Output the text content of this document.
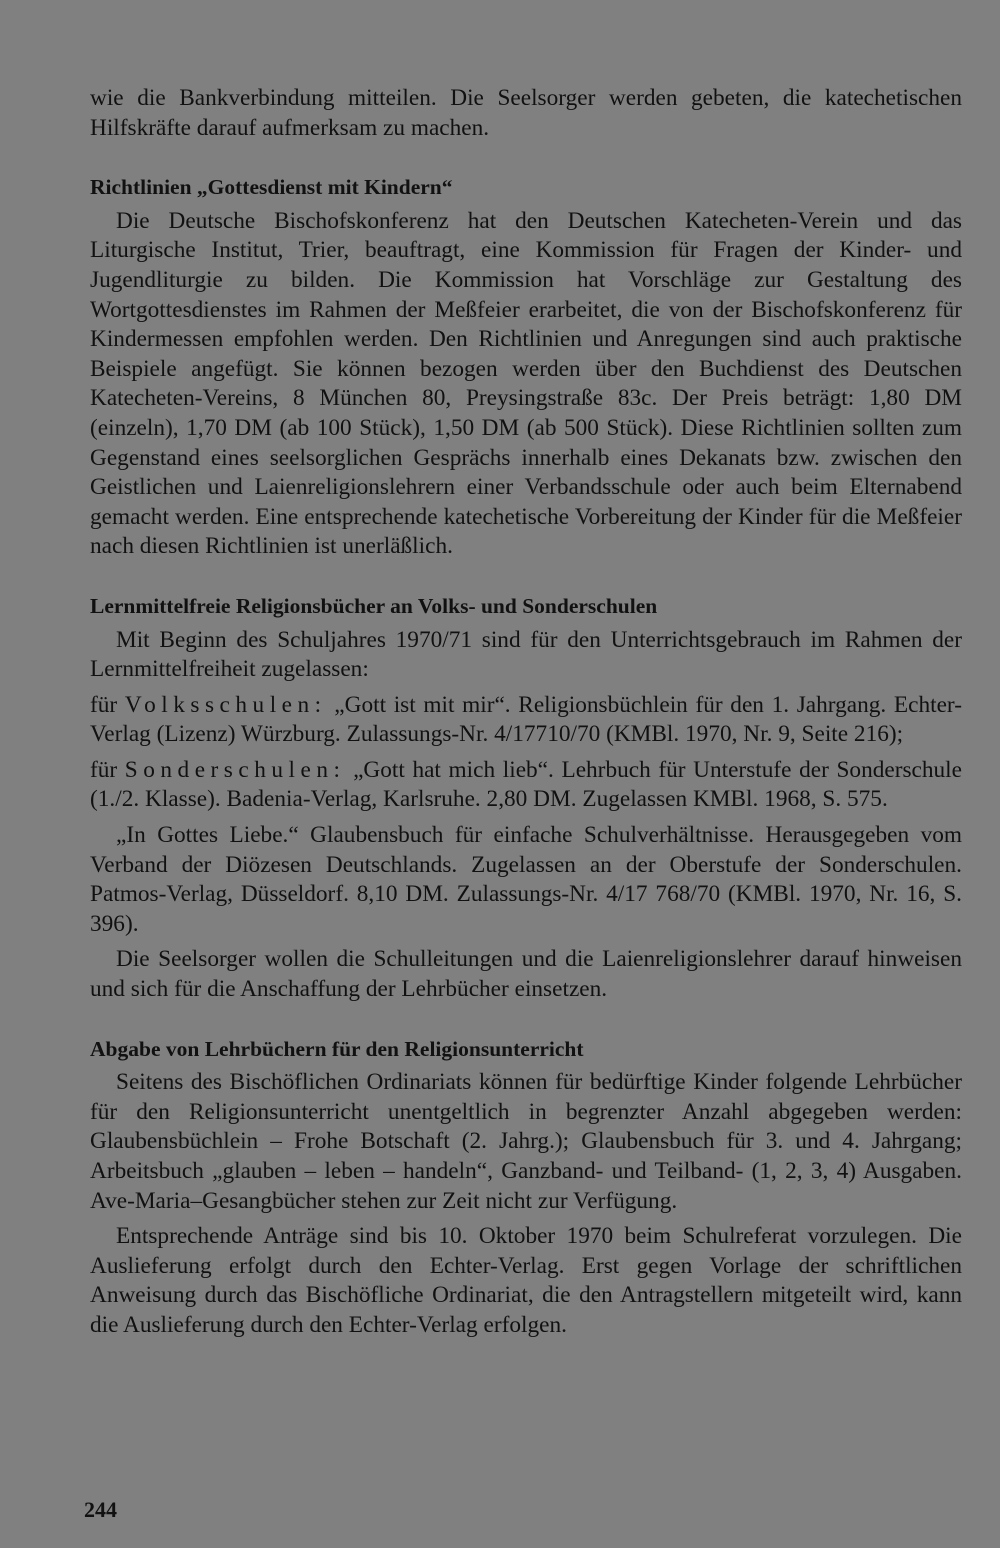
wie die Bankverbindung mitteilen. Die Seelsorger werden gebeten, die katechetischen Hilfskräfte darauf aufmerksam zu machen.

Richtlinien „Gottesdienst mit Kindern“

Die Deutsche Bischofskonferenz hat den Deutschen Katecheten-Verein und das Liturgische Institut, Trier, beauftragt, eine Kommission für Fragen der Kinder- und Jugendliturgie zu bilden. Die Kommission hat Vorschläge zur Gestaltung des Wortgottesdienstes im Rahmen der Meßfeier erarbeitet, die von der Bischofskonferenz für Kindermessen empfohlen werden. Den Richtlinien und Anregungen sind auch praktische Beispiele angefügt. Sie können bezogen werden über den Buchdienst des Deutschen Katecheten-Vereins, 8 München 80, Preysingstraße 83c. Der Preis beträgt: 1,80 DM (einzeln), 1,70 DM (ab 100 Stück), 1,50 DM (ab 500 Stück). Diese Richtlinien sollten zum Gegenstand eines seelsorglichen Gesprächs innerhalb eines Dekanats bzw. zwischen den Geistlichen und Laienreligionslehrern einer Verbandsschule oder auch beim Elternabend gemacht werden. Eine entsprechende katechetische Vorbereitung der Kinder für die Meßfeier nach diesen Richtlinien ist unerläßlich.

Lernmittelfreie Religionsbücher an Volks- und Sonderschulen

Mit Beginn des Schuljahres 1970/71 sind für den Unterrichtsgebrauch im Rahmen der Lernmittelfreiheit zugelassen:

für Volksschulen: „Gott ist mit mir“. Religionsbüchlein für den 1. Jahrgang. Echter-Verlag (Lizenz) Würzburg. Zulassungs-Nr. 4/17710/70 (KMBl. 1970, Nr. 9, Seite 216);

für Sonderschulen: „Gott hat mich lieb“. Lehrbuch für Unterstufe der Sonderschule (1./2. Klasse). Badenia-Verlag, Karlsruhe. 2,80 DM. Zugelassen KMBl. 1968, S. 575.

„In Gottes Liebe.“ Glaubensbuch für einfache Schulverhältnisse. Herausgegeben vom Verband der Diözesen Deutschlands. Zugelassen an der Oberstufe der Sonderschulen. Patmos-Verlag, Düsseldorf. 8,10 DM. Zulassungs-Nr. 4/17 768/70 (KMBl. 1970, Nr. 16, S. 396).

Die Seelsorger wollen die Schulleitungen und die Laienreligionslehrer darauf hinweisen und sich für die Anschaffung der Lehrbücher einsetzen.

Abgabe von Lehrbüchern für den Religionsunterricht

Seitens des Bischöflichen Ordinariats können für bedürftige Kinder folgende Lehrbücher für den Religionsunterricht unentgeltlich in begrenzter Anzahl abgegeben werden: Glaubensbüchlein – Frohe Botschaft (2. Jahrg.); Glaubensbuch für 3. und 4. Jahrgang; Arbeitsbuch „glauben – leben – handeln“, Ganzband- und Teilband- (1, 2, 3, 4) Ausgaben. Ave-Maria–Gesangbücher stehen zur Zeit nicht zur Verfügung.

Entsprechende Anträge sind bis 10. Oktober 1970 beim Schulreferat vorzulegen. Die Auslieferung erfolgt durch den Echter-Verlag. Erst gegen Vorlage der schriftlichen Anweisung durch das Bischöfliche Ordinariat, die den Antragstellern mitgeteilt wird, kann die Auslieferung durch den Echter-Verlag erfolgen.

244
